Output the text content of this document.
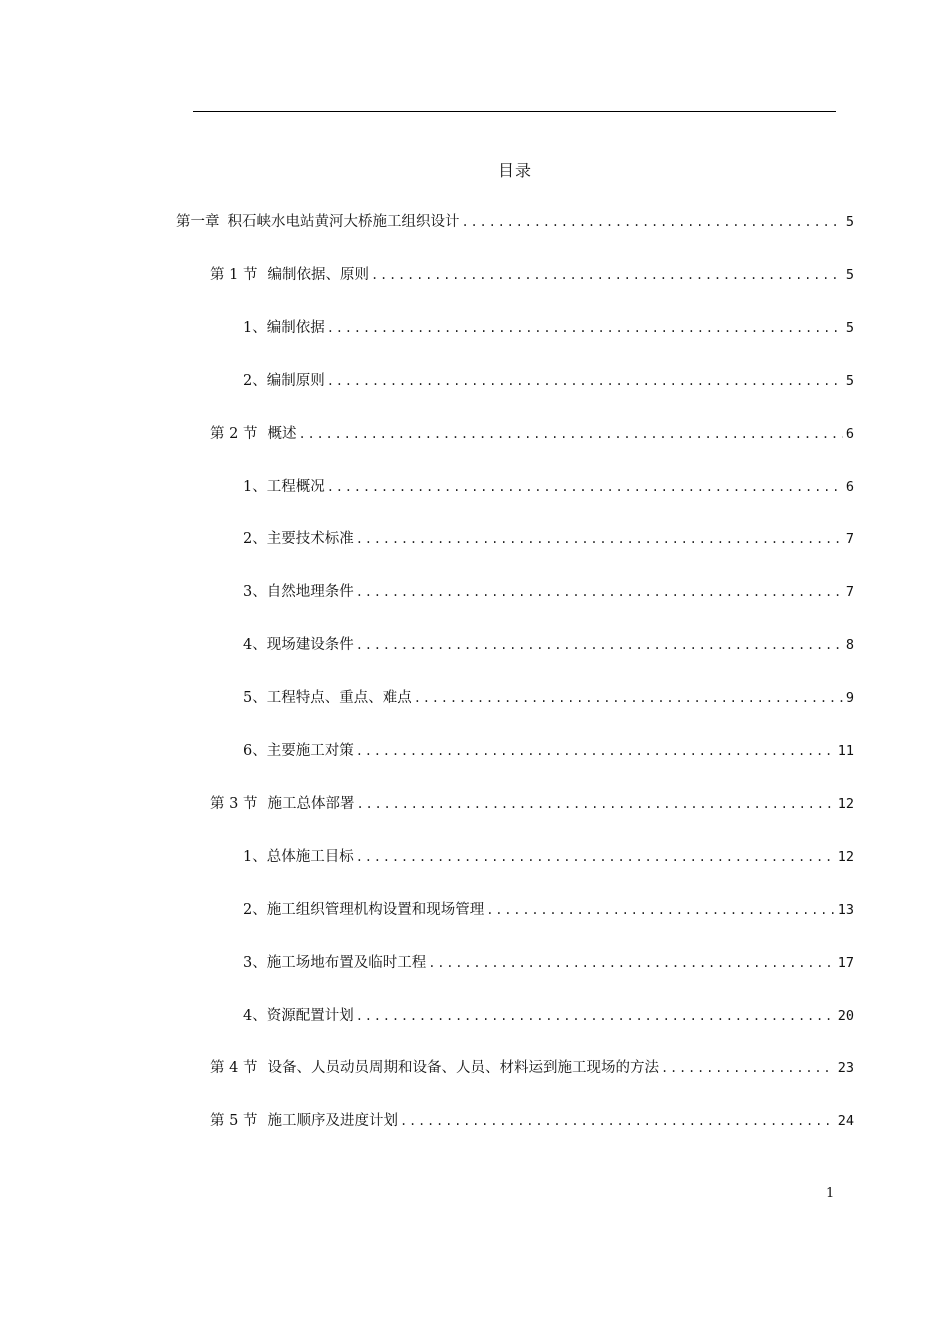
目录
第一章 积石峡水电站黄河大桥施工组织设计 .....	5
第 1 节 编制依据、原则 .....	5
1、 编制依据 .....	5
2、 编制原则 .....	5
第 2 节 概述 .....	6
1、 工程概况 .....	6
2、 主要技术标准 .....	7
3、 自然地理条件 .....	7
4、 现场建设条件 .....	8
5、 工程特点、重点、难点 .....	9
6、 主要施工对策 .....	11
第 3 节 施工总体部署 .....	12
1、 总体施工目标 .....	12
2、 施工组织管理机构设置和现场管理 .....	13
3、 施工场地布置及临时工程 .....	17
4、 资源配置计划 .....	20
第 4 节 设备、人员动员周期和设备、人员、材料运到施工现场的方法 .....	23
第 5 节 施工顺序及进度计划 .....	24
1
